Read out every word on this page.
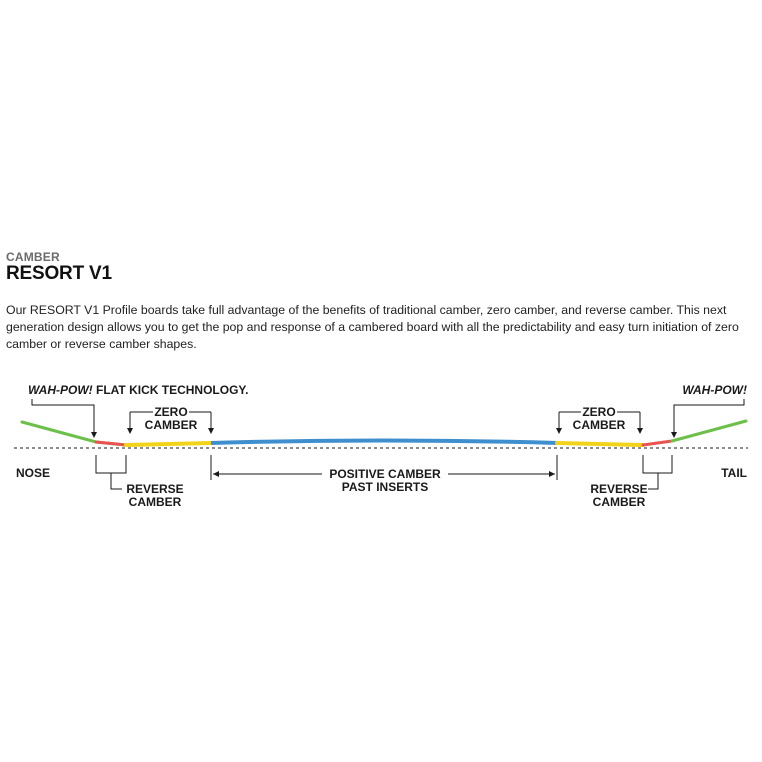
CAMBER
RESORT V1
Our RESORT V1 Profile boards take full advantage of the benefits of traditional camber, zero camber, and reverse camber. This next generation design allows you to get the pop and response of a cambered board with all the predictability and easy turn initiation of zero camber or reverse camber shapes.
WAH-POW! FLAT KICK TECHNOLOGY.	WAH-POW!
ZERO
CAMBER
ZERO
CAMBER
NOSE	TAIL
REVERSE
CAMBER
REVERSE
CAMBER
POSITIVE CAMBER
PAST INSERTS
